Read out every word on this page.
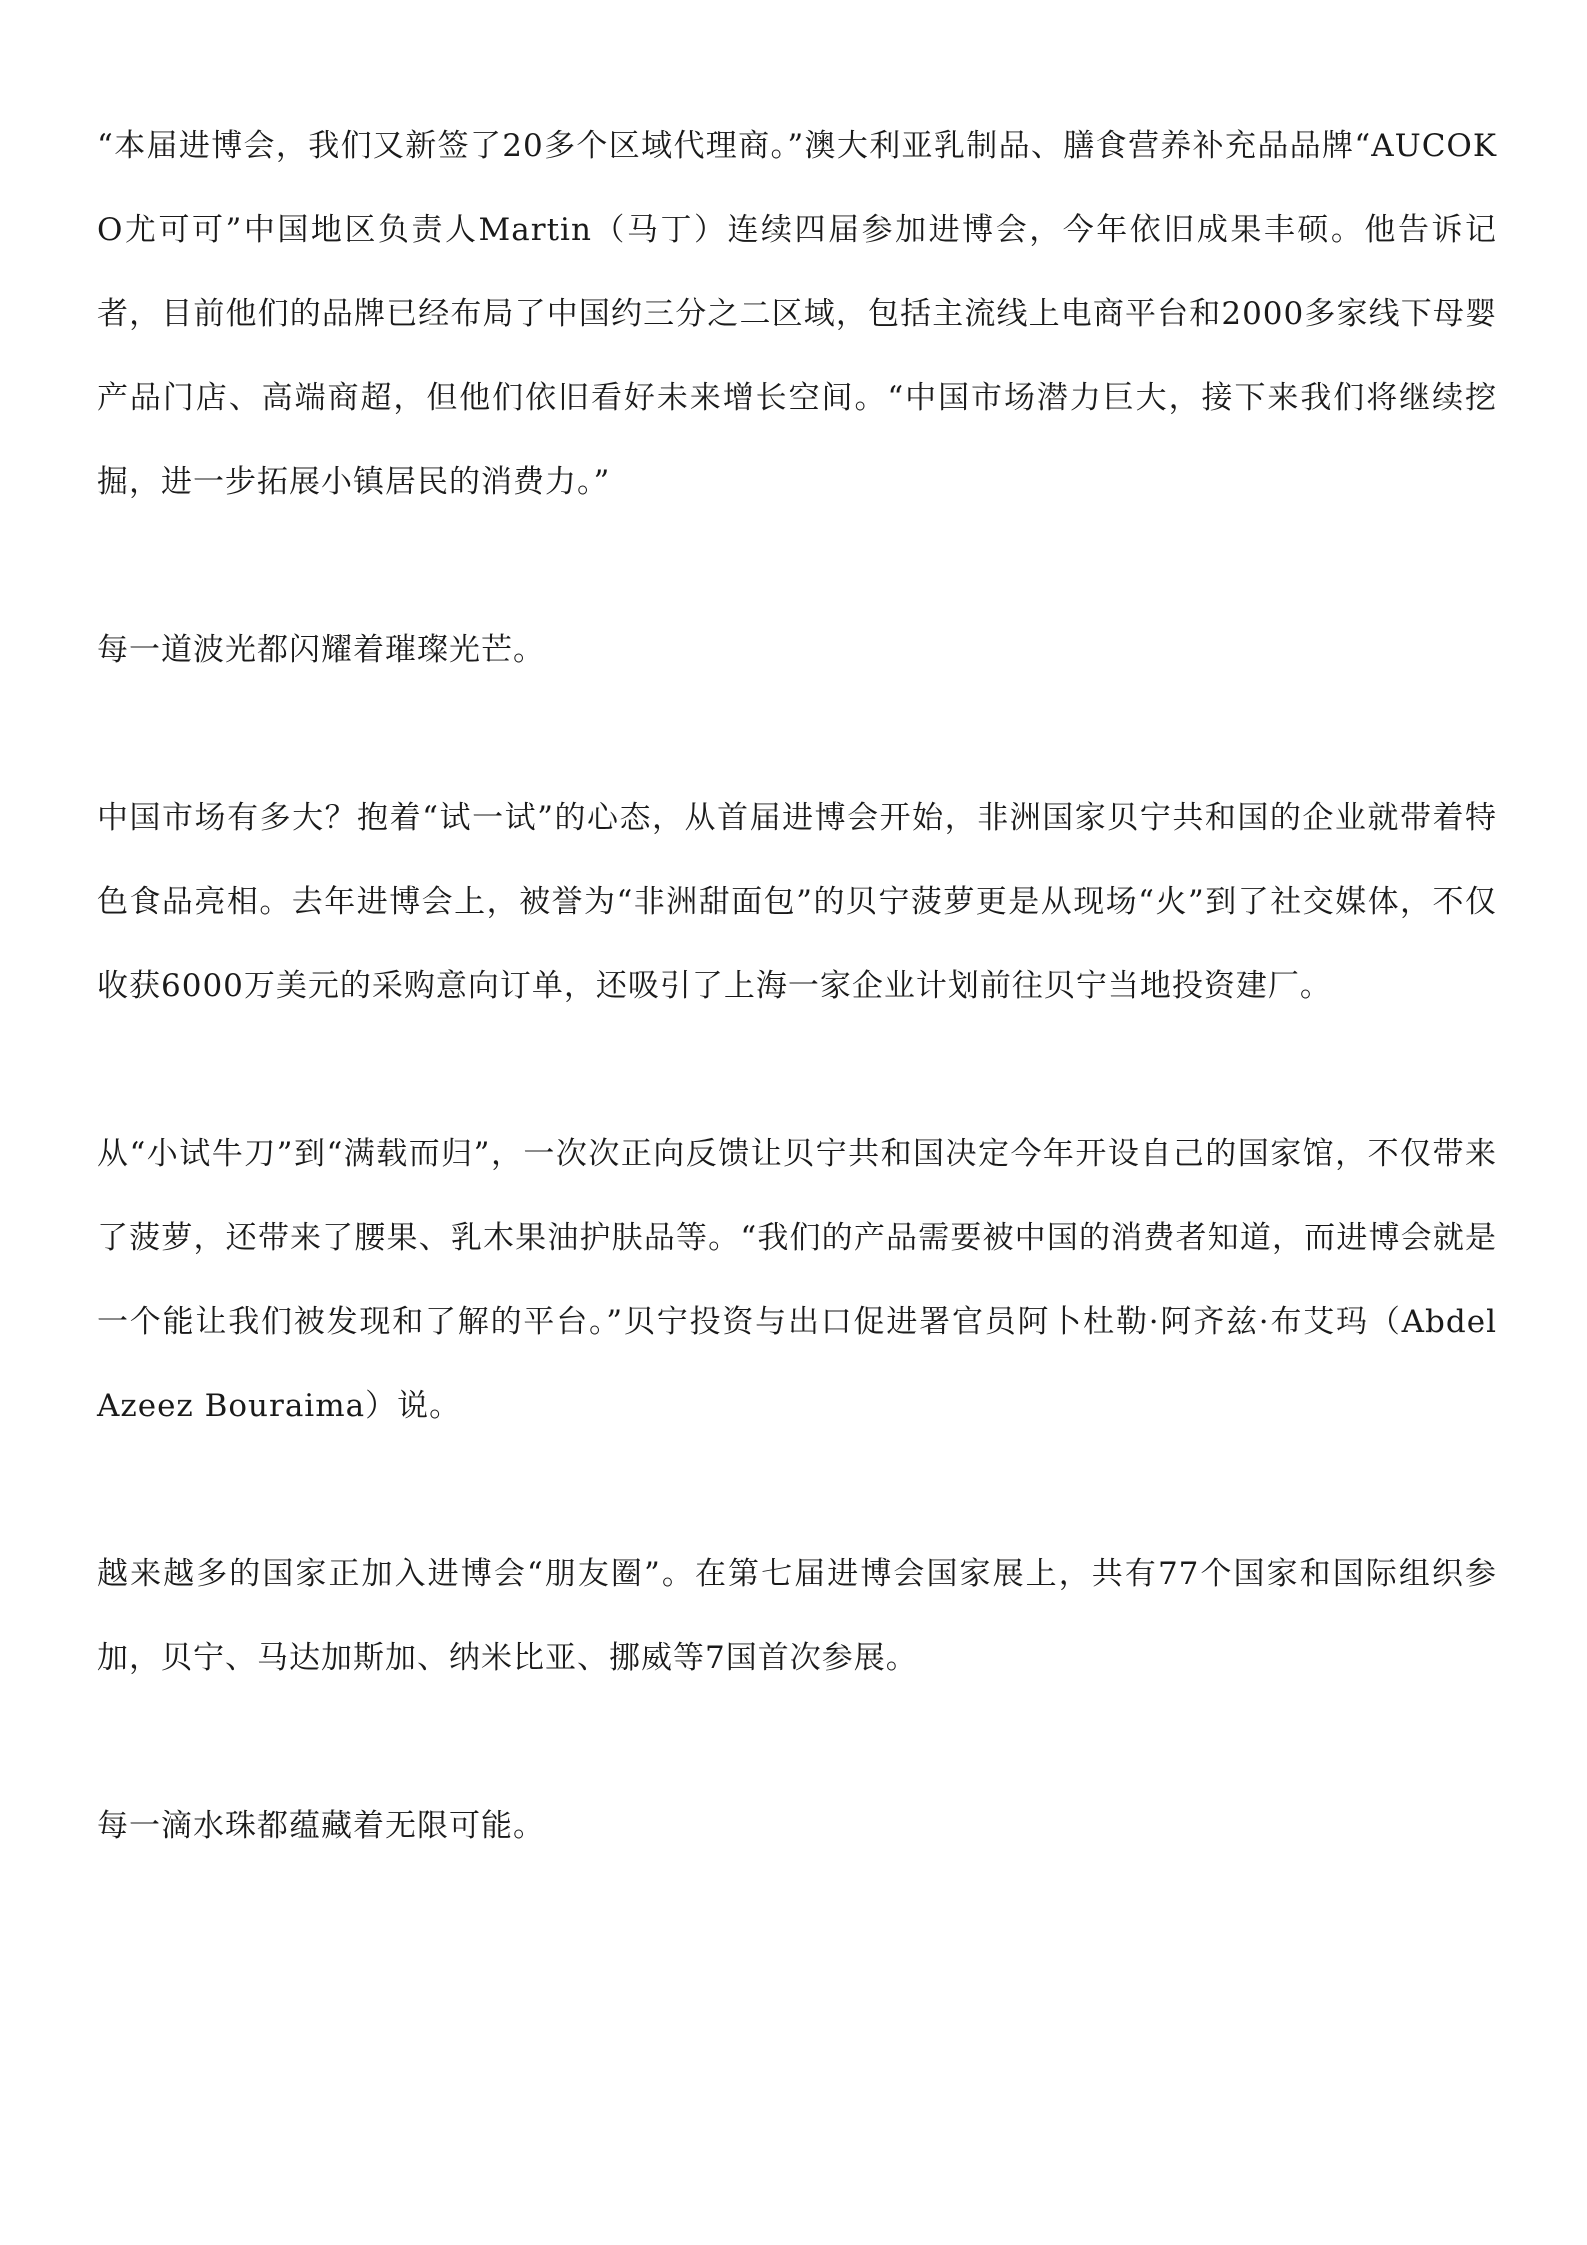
“本届进博会，我们又新签了20多个区域代理商。”澳大利亚乳制品、膳食营养补充品品牌“AUCOKO尤可可”中国地区负责人Martin（马丁）连续四届参加进博会，今年依旧成果丰硕。他告诉记者，目前他们的品牌已经布局了中国约三分之二区域，包括主流线上电商平台和2000多家线下母婴产品门店、高端商超，但他们依旧看好未来增长空间。“中国市场潜力巨大，接下来我们将继续挖掘，进一步拓展小镇居民的消费力。”

每一道波光都闪耀着璀璨光芒。

中国市场有多大？抱着“试一试”的心态，从首届进博会开始，非洲国家贝宁共和国的企业就带着特色食品亮相。去年进博会上，被誉为“非洲甜面包”的贝宁菠萝更是从现场“火”到了社交媒体，不仅收获6000万美元的采购意向订单，还吸引了上海一家企业计划前往贝宁当地投资建厂。

从“小试牛刀”到“满载而归”，一次次正向反馈让贝宁共和国决定今年开设自己的国家馆，不仅带来了菠萝，还带来了腰果、乳木果油护肤品等。“我们的产品需要被中国的消费者知道，而进博会就是一个能让我们被发现和了解的平台。”贝宁投资与出口促进署官员阿卜杜勒·阿齐兹·布艾玛（Abdel Azeez Bouraima）说。

越来越多的国家正加入进博会“朋友圈”。在第七届进博会国家展上，共有77个国家和国际组织参加，贝宁、马达加斯加、纳米比亚、挪威等7国首次参展。

每一滴水珠都蕴藏着无限可能。
